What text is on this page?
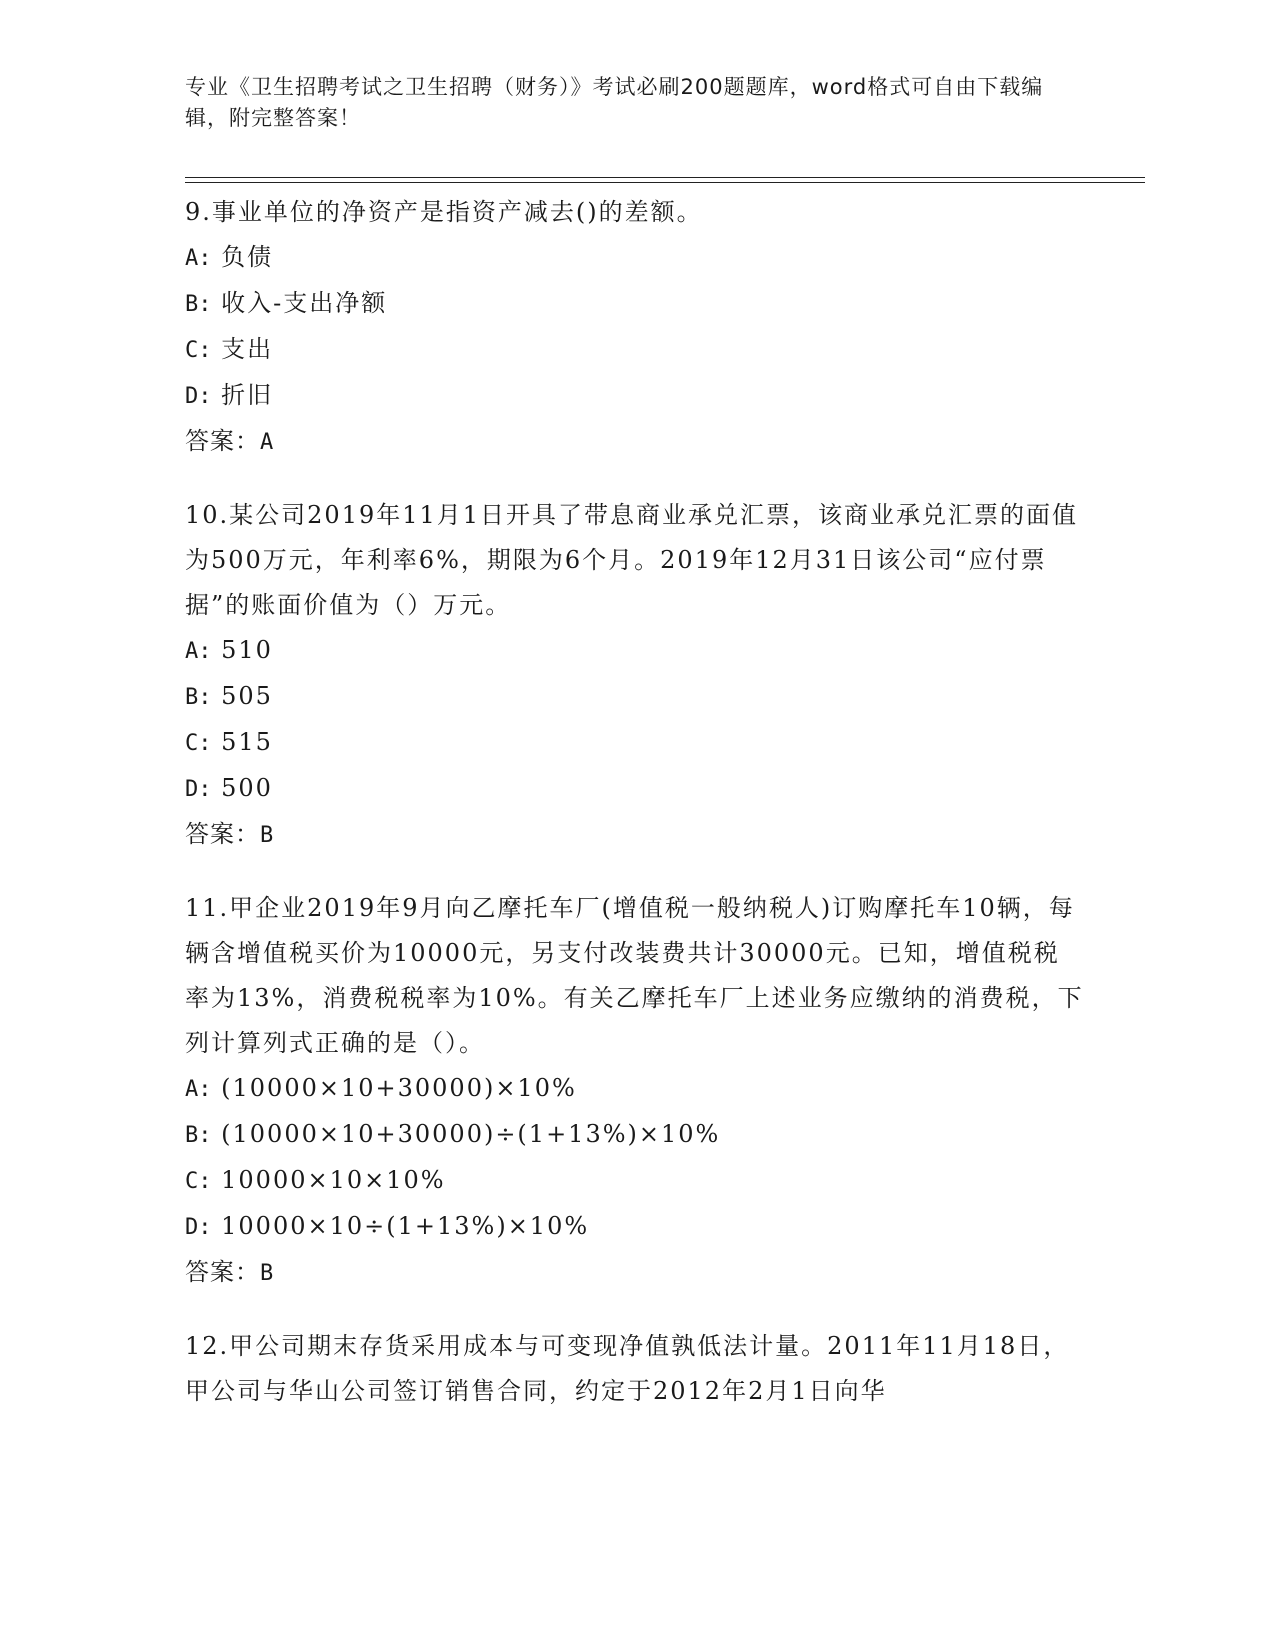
专业《卫生招聘考试之卫生招聘（财务）》考试必刷200题题库，word格式可自由下载编辑，附完整答案！
9.事业单位的净资产是指资产减去()的差额。
A: 负债
B: 收入-支出净额
C: 支出
D: 折旧
答案：A
10.某公司2019年11月1日开具了带息商业承兑汇票，该商业承兑汇票的面值为500万元，年利率6%，期限为6个月。2019年12月31日该公司“应付票据”的账面价值为（）万元。
A: 510
B: 505
C: 515
D: 500
答案：B
11.甲企业2019年9月向乙摩托车厂(增值税一般纳税人)订购摩托车10辆，每辆含增值税买价为10000元，另支付改装费共计30000元。已知，增值税税率为13%，消费税税率为10%。有关乙摩托车厂上述业务应缴纳的消费税，下列计算列式正确的是（）。
A: (10000×10+30000)×10%
B: (10000×10+30000)÷(1+13%)×10%
C: 10000×10×10%
D: 10000×10÷(1+13%)×10%
答案：B
12.甲公司期末存货采用成本与可变现净值孰低法计量。2011年11月18日，甲公司与华山公司签订销售合同，约定于2012年2月1日向华
